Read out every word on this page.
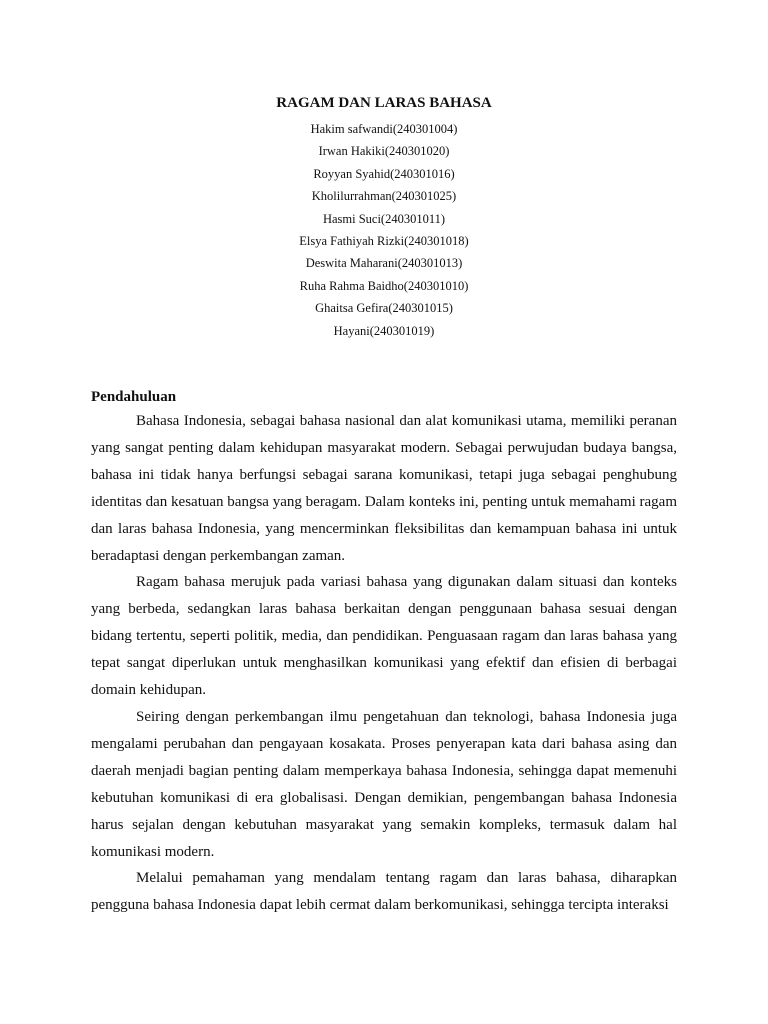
RAGAM DAN LARAS BAHASA
Hakim safwandi(240301004)
Irwan Hakiki(240301020)
Royyan Syahid(240301016)
Kholilurrahman(240301025)
Hasmi Suci(240301011)
Elsya Fathiyah Rizki(240301018)
Deswita Maharani(240301013)
Ruha Rahma Baidho(240301010)
Ghaitsa Gefira(240301015)
Hayani(240301019)
Pendahuluan

Bahasa Indonesia, sebagai bahasa nasional dan alat komunikasi utama, memiliki peranan yang sangat penting dalam kehidupan masyarakat modern. Sebagai perwujudan budaya bangsa, bahasa ini tidak hanya berfungsi sebagai sarana komunikasi, tetapi juga sebagai penghubung identitas dan kesatuan bangsa yang beragam. Dalam konteks ini, penting untuk memahami ragam dan laras bahasa Indonesia, yang mencerminkan fleksibilitas dan kemampuan bahasa ini untuk beradaptasi dengan perkembangan zaman.

Ragam bahasa merujuk pada variasi bahasa yang digunakan dalam situasi dan konteks yang berbeda, sedangkan laras bahasa berkaitan dengan penggunaan bahasa sesuai dengan bidang tertentu, seperti politik, media, dan pendidikan. Penguasaan ragam dan laras bahasa yang tepat sangat diperlukan untuk menghasilkan komunikasi yang efektif dan efisien di berbagai domain kehidupan.

Seiring dengan perkembangan ilmu pengetahuan dan teknologi, bahasa Indonesia juga mengalami perubahan dan pengayaan kosakata. Proses penyerapan kata dari bahasa asing dan daerah menjadi bagian penting dalam memperkaya bahasa Indonesia, sehingga dapat memenuhi kebutuhan komunikasi di era globalisasi. Dengan demikian, pengembangan bahasa Indonesia harus sejalan dengan kebutuhan masyarakat yang semakin kompleks, termasuk dalam hal komunikasi modern.

Melalui pemahaman yang mendalam tentang ragam dan laras bahasa, diharapkan pengguna bahasa Indonesia dapat lebih cermat dalam berkomunikasi, sehingga tercipta interaksi
